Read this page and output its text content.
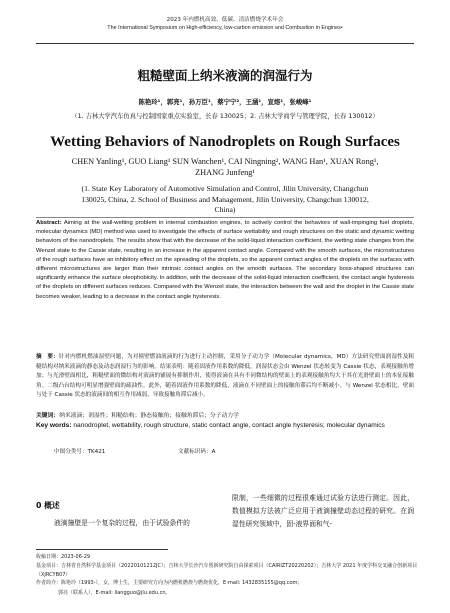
2023 年内燃机高效、低碳、清洁燃烧学术年会
The International Symposium on High-efficiency, low-carbon emission and Combustion in Engines•
粗糙壁面上纳米液滴的润湿行为
陈艳玲¹，郭亮¹，孙万臣¹，蔡宁宁²，王涵¹，宣熔¹，张峻峰¹
（1. 吉林大学汽车仿真与控制国家重点实验室，长春 130025；2. 吉林大学商学与管理学院，长春 130012）
Wetting Behaviors of Nanodroplets on Rough Surfaces
CHEN Yanling¹, GUO Liang¹ SUN Wanchen¹, CAI Ningning², WANG Han¹, XUAN Rong¹, ZHANG Junfeng¹
(1. State Key Laboratory of Automotive Simulation and Control, Jilin University, Changchun 130025, China, 2. School of Business and Management, Jilin University, Changchun 130012, China)
Abstract: Aiming at the wall-wetting problem in internal combustion engines, to actively control the behaviors of wall-impinging fuel droplets, molecular dynamics (MD) method was used to investigate the effects of surface wettability and rough structures on the static and dynamic wetting behaviors of the nanodroplets. The results show that with the decrease of the solid-liquid interaction coefficient, the wetting state changes from the Wenzel state to the Cassie state, resulting in an increase in the apparent contact angle. Compared with the smooth surfaces, the microstructures of the rough surfaces have an inhibitory effect on the spreading of the droplets, so the apparent contact angles of the droplets on the surfaces with different microstructures are larger than their intrinsic contact angles on the smooth surfaces. The secondary boss-shaped structures can significantly enhance the surface oleophobicity. In addition, with the decrease of the solid-liquid interaction coefficient, the contact angle hysteresis of the droplets on different surfaces reduces. Compared with the Wenzel state, the interaction between the wall and the droplet in the Cassie state becomes weaker, leading to a decrease in the contact angle hysteresis.
摘　要：针对内燃机燃油湿壁问题，为对撞壁燃油液滴的行为进行主动控制，采用分子动力学（Molecular dynamics，MD）方法研究壁面润湿性及粗糙结构对纳米液滴的静态及动态润湿行为的影响。结果表明：随着固液作用系数的降低，润湿状态会由 Wenzel 状态转变为 Cassie 状态，表观接触角增加；与光滑壁面相比，粗糙壁面的微结构对液滴的铺展有抑制作用，使得液滴在具有不同微结构的壁面上的表观接触角均大于其在光滑壁面上的本征接触角。二级凸台结构可明显增强壁面的疏油性。此外，随着固液作用系数的降低，液滴在不同壁面上的接触角滞后均不断减小。与 Wenzel 状态相比，壁面与处于 Cassie 状态的液滴间的相互作用减弱，导致接触角滞后减小。
关键词：纳米液滴；润湿性；粗糙结构；静态接触角；接触角滞后；分子动力学
Key words: nanodroplet, wettability, rough structure, static contact angle, contact angle hysteresis; molecular dynamics
中图分类号：TK421	文献标识码：A
0 概述
液滴撞壁是一个复杂的过程，由于试验条件的
限制，一些细微的过程很难通过试验方法进行测定。因此，数值模拟方法被广泛应用于液滴撞壁动态过程的研究。在润湿性研究领域中，固-液界面和气-
收稿日期：2023-06-29
基金项目：吉林省自然科学基金项目（20220101212JC）；吉林大学长沙汽车创新研究院自由探索项目（CAIRIZT20220202）；吉林大学 2021 年度学科交叉融合创新项目（XJRCYB07）
作者简介：陈艳玲（1993-），女，博士生，主要研究方向为内燃机燃烧与燃烧优化，E-mail: 1432835155@qq.com；
郭亮（联系人），E-mail: liangguo@jlu.edu.cn。
